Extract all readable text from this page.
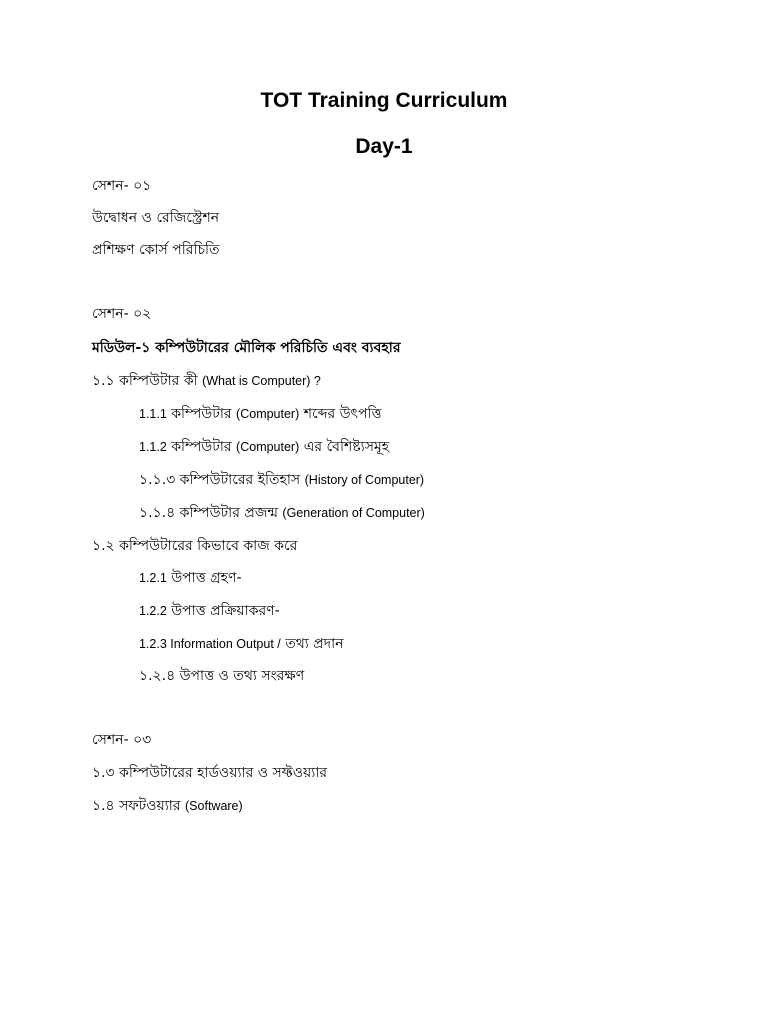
TOT Training Curriculum
Day-1
সেশন- ০১
উদ্বোধন ও রেজিস্ট্রেশন
প্রশিক্ষণ কোর্স পরিচিতি
সেশন- ০২
মডিউল-১ কম্পিউটারের মৌলিক পরিচিতি এবং ব্যবহার
১.১ কম্পিউটার কী (What is Computer) ?
1.1.1 কম্পিউটার (Computer) শব্দের উৎপত্তি
1.1.2 কম্পিউটার (Computer) এর বৈশিষ্ট্যসমূহ
১.১.৩ কম্পিউটারের ইতিহাস (History of Computer)
১.১.৪ কম্পিউটার প্রজন্ম (Generation of Computer)
১.২ কম্পিউটারের কিভাবে কাজ করে
1.2.1 উপাত্ত গ্রহণ-
1.2.2 উপাত্ত প্রক্রিয়াকরণ-
1.2.3 Information Output / তথ্য প্রদান
১.২.৪ উপাত্ত ও তথ্য সংরক্ষণ
সেশন- ০৩
১.৩ কম্পিউটারের হার্ডওয়্যার ও সফ্টওয়্যার
১.৪ সফটওয়্যার (Software)
